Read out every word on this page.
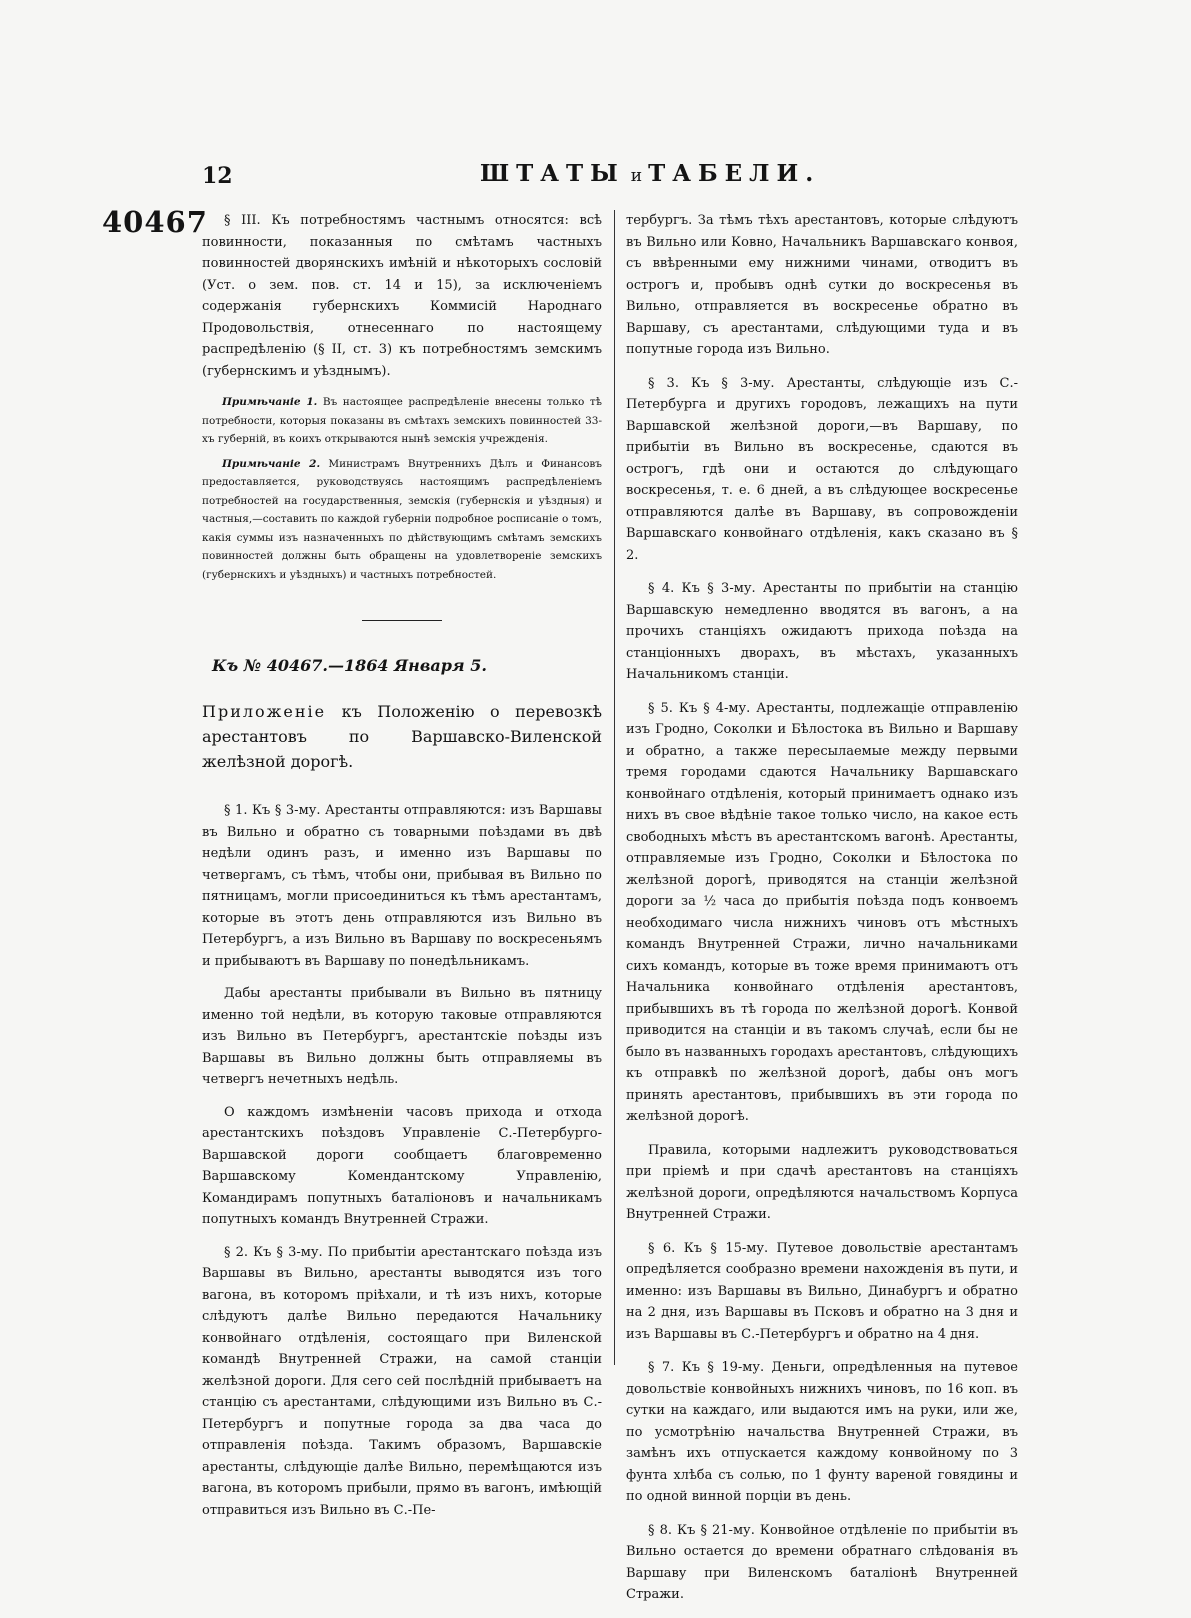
12	ШТАТЫ и ТАБЕЛИ.
40467	§ III. Къ потребностямъ частнымъ относятся: всѣ повинности, показанныя по смѣтамъ частныхъ повинностей дворянскихъ имѣній и нѣкоторыхъ сословій (Уст. о зем. пов. ст. 14 и 15), за исключеніемъ содержанія губернскихъ Коммисій Народнаго Продовольствія, отнесеннаго по настоящему распредѣленію (§ II, ст. 3) къ потребностямъ земскимъ (губернскимъ и уѣзднымъ).

Примѣчаніе 1. Въ настоящее распредѣленіе внесены только тѣ потребности, которыя показаны въ смѣтахъ земскихъ повинностей 33-хъ губерній, въ коихъ открываются нынѣ земскія учрежденія.

Примѣчаніе 2. Министрамъ Внутреннихъ Дѣлъ и Финансовъ предоставляется, руководствуясь настоящимъ распредѣленіемъ потребностей на государственныя, земскія (губернскія и уѣздныя) и частныя,—составить по каждой губерніи подробное росписаніе о томъ, какія суммы изъ назначенныхъ по дѣйствующимъ смѣтамъ земскихъ повинностей должны быть обращены на удовлетвореніе земскихъ (губернскихъ и уѣздныхъ) и частныхъ потребностей.

Къ № 40467.—1864 Января 5.

Приложеніе къ Положенію о перевозкѣ арестантовъ по Варшавско-Виленской желѣзной дорогѣ.

§ 1. Къ § 3-му. Арестанты отправляются: изъ Варшавы въ Вильно и обратно съ товарными поѣздами въ двѣ недѣли одинъ разъ, и именно изъ Варшавы по четвергамъ, съ тѣмъ, чтобы они, прибывая въ Вильно по пятницамъ, могли присоединиться къ тѣмъ арестантамъ, которые въ этотъ день отправляются изъ Вильно въ Петербургъ, а изъ Вильно въ Варшаву по воскресеньямъ и прибываютъ въ Варшаву по понедѣльникамъ.

Дабы арестанты прибывали въ Вильно въ пятницу именно той недѣли, въ которую таковые отправляются изъ Вильно въ Петербургъ, арестантскіе поѣзды изъ Варшавы въ Вильно должны быть отправляемы въ четвергъ нечетныхъ недѣль.

О каждомъ измѣненіи часовъ прихода и отхода арестантскихъ поѣздовъ Управленіе С.-Петербурго-Варшавской дороги сообщаетъ благовременно Варшавскому Комендантскому Управленію, Командирамъ попутныхъ баталіоновъ и начальникамъ попутныхъ командъ Внутренней Стражи.

§ 2. Къ § 3-му. По прибытіи арестантскаго поѣзда изъ Варшавы въ Вильно, арестанты выводятся изъ того вагона, въ которомъ пріѣхали, и тѣ изъ нихъ, которые слѣдуютъ далѣе Вильно передаются Начальнику конвойнаго отдѣленія, состоящаго при Виленской командѣ Внутренней Стражи, на самой станціи желѣзной дороги. Для сего сей послѣдній прибываетъ на станцію съ арестантами, слѣдующими изъ Вильно въ С.-Петербургъ и попутные города за два часа до отправленія поѣзда. Такимъ образомъ, Варшавскіе арестанты, слѣдующіе далѣе Вильно, перемѣщаются изъ вагона, въ которомъ прибыли, прямо въ вагонъ, имѣющій отправиться изъ Вильно въ С.-Пе-

тербургъ. За тѣмъ тѣхъ арестантовъ, которые слѣдуютъ въ Вильно или Ковно, Начальникъ Варшавскаго конвоя, съ ввѣренными ему нижними чинами, отводитъ въ острогъ и, пробывъ однѣ сутки до воскресенья въ Вильно, отправляется въ воскресенье обратно въ Варшаву, съ арестантами, слѣдующими туда и въ попутные города изъ Вильно.

§ 3. Къ § 3-му. Арестанты, слѣдующіе изъ С.-Петербурга и другихъ городовъ, лежащихъ на пути Варшавской желѣзной дороги,—въ Варшаву, по прибытіи въ Вильно въ воскресенье, сдаются въ острогъ, гдѣ они и остаются до слѣдующаго воскресенья, т. е. 6 дней, а въ слѣдующее воскресенье отправляются далѣе въ Варшаву, въ сопровожденіи Варшавскаго конвойнаго отдѣленія, какъ сказано въ § 2.

§ 4. Къ § 3-му. Арестанты по прибытіи на станцію Варшавскую немедленно вводятся въ вагонъ, а на прочихъ станціяхъ ожидаютъ прихода поѣзда на станціонныхъ дворахъ, въ мѣстахъ, указанныхъ Начальникомъ станціи.

§ 5. Къ § 4-му. Арестанты, подлежащіе отправленію изъ Гродно, Соколки и Бѣлостока въ Вильно и Варшаву и обратно, а также пересылаемые между первыми тремя городами сдаются Начальнику Варшавскаго конвойнаго отдѣленія, который принимаетъ однако изъ нихъ въ свое вѣдѣніе такое только число, на какое есть свободныхъ мѣстъ въ арестантскомъ вагонѣ. Арестанты, отправляемые изъ Гродно, Соколки и Бѣлостока по желѣзной дорогѣ, приводятся на станціи желѣзной дороги за ½ часа до прибытія поѣзда подъ конвоемъ необходимаго числа нижнихъ чиновъ отъ мѣстныхъ командъ Внутренней Стражи, лично начальниками сихъ командъ, которые въ тоже время принимаютъ отъ Начальника конвойнаго отдѣленія арестантовъ, прибывшихъ въ тѣ города по желѣзной дорогѣ. Конвой приводится на станціи и въ такомъ случаѣ, если бы не было въ названныхъ городахъ арестантовъ, слѣдующихъ къ отправкѣ по желѣзной дорогѣ, дабы онъ могъ принять арестантовъ, прибывшихъ въ эти города по желѣзной дорогѣ.

Правила, которыми надлежитъ руководствоваться при пріемѣ и при сдачѣ арестантовъ на станціяхъ желѣзной дороги, опредѣляются начальствомъ Корпуса Внутренней Стражи.

§ 6. Къ § 15-му. Путевое довольствіе арестантамъ опредѣляется сообразно времени нахожденія въ пути, и именно: изъ Варшавы въ Вильно, Динабургъ и обратно на 2 дня, изъ Варшавы въ Псковъ и обратно на 3 дня и изъ Варшавы въ С.-Петербургъ и обратно на 4 дня.

§ 7. Къ § 19-му. Деньги, опредѣленныя на путевое довольствіе конвойныхъ нижнихъ чиновъ, по 16 коп. въ сутки на каждаго, или выдаются имъ на руки, или же, по усмотрѣнію начальства Внутренней Стражи, въ замѣнъ ихъ отпускается каждому конвойному по 3 фунта хлѣба съ солью, по 1 фунту вареной говядины и по одной винной порціи въ день.

§ 8. Къ § 21-му. Конвойное отдѣленіе по прибытіи въ Вильно остается до времени обратнаго слѣдованія въ Варшаву при Виленскомъ баталіонѣ Внутренней Стражи.
